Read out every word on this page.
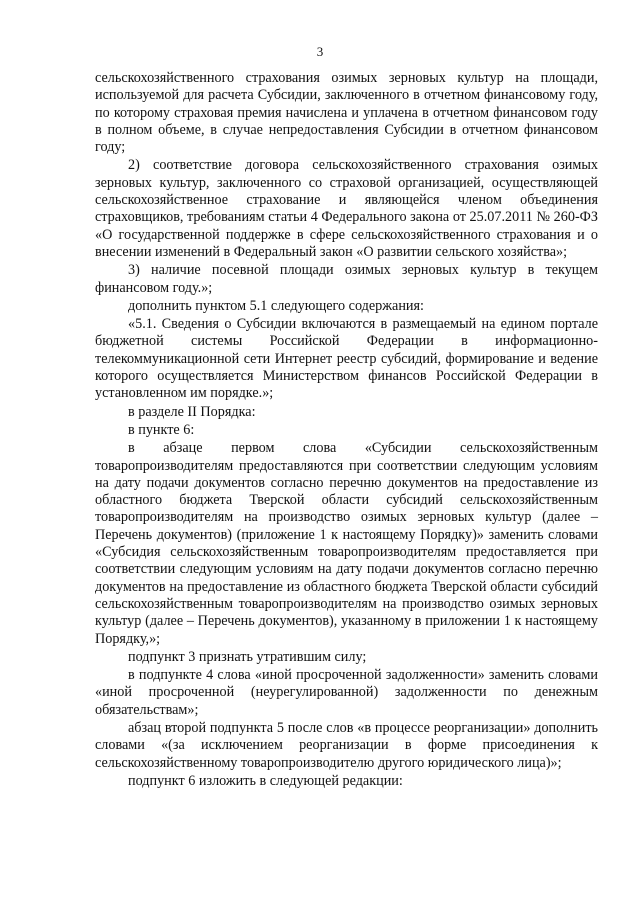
3

сельскохозяйственного страхования озимых зерновых культур на площади, используемой для расчета Субсидии, заключенного в отчетном финансовому году, по которому страховая премия начислена и уплачена в отчетном финансовом году в полном объеме, в случае непредоставления Субсидии в отчетном финансовом году;

2) соответствие договора сельскохозяйственного страхования озимых зерновых культур, заключенного со страховой организацией, осуществляющей сельскохозяйственное страхование и являющейся членом объединения страховщиков, требованиям статьи 4 Федерального закона от 25.07.2011 № 260-ФЗ «О государственной поддержке в сфере сельскохозяйственного страхования и о внесении изменений в Федеральный закон «О развитии сельского хозяйства»;

3) наличие посевной площади озимых зерновых культур в текущем финансовом году.»;

дополнить пунктом 5.1 следующего содержания:

«5.1. Сведения о Субсидии включаются в размещаемый на едином портале бюджетной системы Российской Федерации в информационно-телекоммуникационной сети Интернет реестр субсидий, формирование и ведение которого осуществляется Министерством финансов Российской Федерации в установленном им порядке.»;

в разделе II Порядка:

в пункте 6:

в абзаце первом слова «Субсидии сельскохозяйственным товаропроизводителям предоставляются при соответствии следующим условиям на дату подачи документов согласно перечню документов на предоставление из областного бюджета Тверской области субсидий сельскохозяйственным товаропроизводителям на производство озимых зерновых культур (далее – Перечень документов) (приложение 1 к настоящему Порядку)» заменить словами «Субсидия сельскохозяйственным товаропроизводителям предоставляется при соответствии следующим условиям на дату подачи документов согласно перечню документов на предоставление из областного бюджета Тверской области субсидий сельскохозяйственным товаропроизводителям на производство озимых зерновых культур (далее – Перечень документов), указанному в приложении 1 к настоящему Порядку,»;

подпункт 3 признать утратившим силу;

в подпункте 4 слова «иной просроченной задолженности» заменить словами «иной просроченной (неурегулированной) задолженности по денежным обязательствам»;

абзац второй подпункта 5 после слов «в процессе реорганизации» дополнить словами «(за исключением реорганизации в форме присоединения к сельскохозяйственному товаропроизводителю другого юридического лица)»;

подпункт 6 изложить в следующей редакции:
